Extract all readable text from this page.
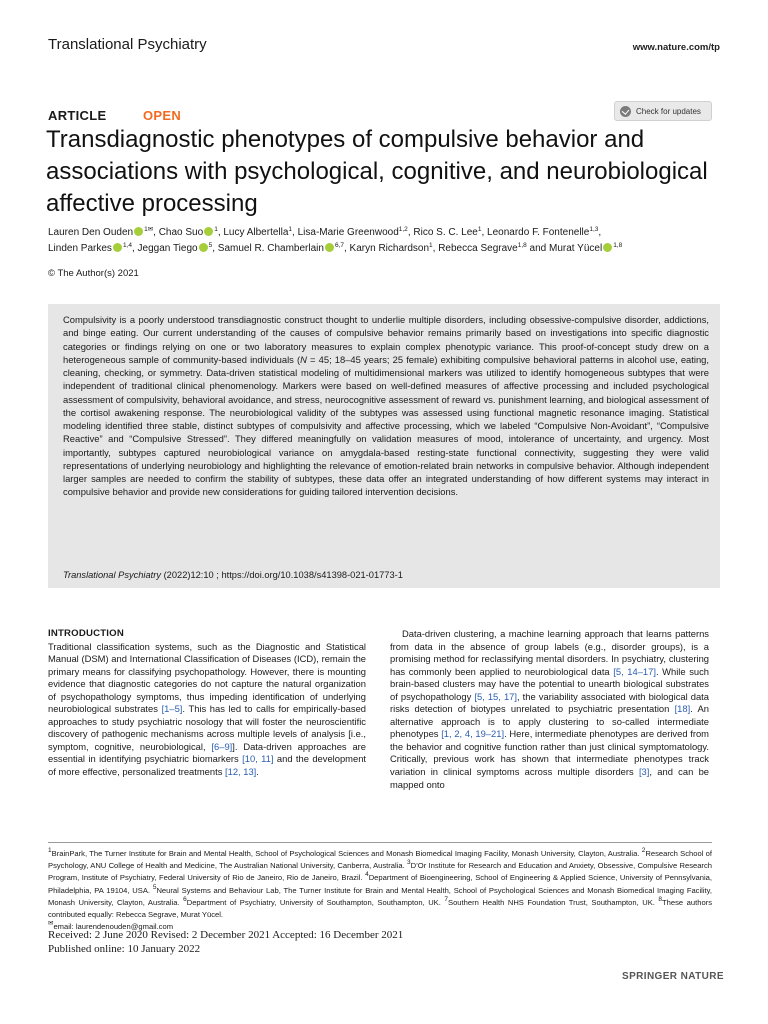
Translational Psychiatry	www.nature.com/tp
ARTICLE	OPEN	Check for updates
Transdiagnostic phenotypes of compulsive behavior and associations with psychological, cognitive, and neurobiological affective processing
Lauren Den Ouden $^{1✉}$, Chao Suo $^1$, Lucy Albertella$^1$, Lisa-Marie Greenwood$^{1,2}$, Rico S. C. Lee$^1$, Leonardo F. Fontenelle$^{1,3}$,
Linden Parkes $^{1,4}$, Jeggan Tiego $^5$, Samuel R. Chamberlain $^{6,7}$, Karyn Richardson$^1$, Rebecca Segrave$^{1,8}$ and Murat Yücel $^{1,8}$
© The Author(s) 2021
Compulsivity is a poorly understood transdiagnostic construct thought to underlie multiple disorders, including obsessive-compulsive disorder, addictions, and binge eating. Our current understanding of the causes of compulsive behavior remains primarily based on investigations into specific diagnostic categories or findings relying on one or two laboratory measures to explain complex phenotypic variance. This proof-of-concept study drew on a heterogeneous sample of community-based individuals (N = 45; 18–45 years; 25 female) exhibiting compulsive behavioral patterns in alcohol use, eating, cleaning, checking, or symmetry. Data-driven statistical modeling of multidimensional markers was utilized to identify homogeneous subtypes that were independent of traditional clinical phenomenology. Markers were based on well-defined measures of affective processing and included psychological assessment of compulsivity, behavioral avoidance, and stress, neurocognitive assessment of reward vs. punishment learning, and biological assessment of the cortisol awakening response. The neurobiological validity of the subtypes was assessed using functional magnetic resonance imaging. Statistical modeling identified three stable, distinct subtypes of compulsivity and affective processing, which we labeled “Compulsive Non-Avoidant”, “Compulsive Reactive” and “Compulsive Stressed”. They differed meaningfully on validation measures of mood, intolerance of uncertainty, and urgency. Most importantly, subtypes captured neurobiological variance on amygdala-based resting-state functional connectivity, suggesting they were valid representations of underlying neurobiology and highlighting the relevance of emotion-related brain networks in compulsive behavior. Although independent larger samples are needed to confirm the stability of subtypes, these data offer an integrated understanding of how different systems may interact in compulsive behavior and provide new considerations for guiding tailored intervention decisions.
Translational Psychiatry (2022)12:10 ; https://doi.org/10.1038/s41398-021-01773-1
INTRODUCTION
Traditional classification systems, such as the Diagnostic and Statistical Manual (DSM) and International Classification of Diseases (ICD), remain the primary means for classifying psychopathology. However, there is mounting evidence that diagnostic categories do not capture the natural organization of psychopathology symptoms, thus impeding identification of underlying neurobiological substrates [1–5]. This has led to calls for empirically-based approaches to study psychiatric nosology that will foster the neuroscientific discovery of pathogenic mechanisms across multiple levels of analysis [i.e., symptom, cognitive, neurobiological, [6–9]]. Data-driven approaches are essential in identifying psychiatric biomarkers [10, 11] and the development of more effective, personalized treatments [12, 13].
Data-driven clustering, a machine learning approach that learns patterns from data in the absence of group labels (e.g., disorder groups), is a promising method for reclassifying mental disorders. In psychiatry, clustering has commonly been applied to neurobiological data [5, 14–17]. While such brain-based clusters may have the potential to unearth biological substrates of psychopathology [5, 15, 17], the variability associated with biological data risks detection of biotypes unrelated to psychiatric presentation [18]. An alternative approach is to apply clustering to so-called intermediate phenotypes [1, 2, 4, 19–21]. Here, intermediate phenotypes are derived from the behavior and cognitive function rather than just clinical symptomatology. Critically, previous work has shown that intermediate phenotypes track variation in clinical symptoms across multiple disorders [3], and can be mapped onto
$^1$BrainPark, The Turner Institute for Brain and Mental Health, School of Psychological Sciences and Monash Biomedical Imaging Facility, Monash University, Clayton, Australia. $^2$Research School of Psychology, ANU College of Health and Medicine, The Australian National University, Canberra, Australia. $^3$D’Or Institute for Research and Education and Anxiety, Obsessive, Compulsive Research Program, Institute of Psychiatry, Federal University of Rio de Janeiro, Rio de Janeiro, Brazil. $^4$Department of Bioengineering, School of Engineering & Applied Science, University of Pennsylvania, Philadelphia, PA 19104, USA. $^5$Neural Systems and Behaviour Lab, The Turner Institute for Brain and Mental Health, School of Psychological Sciences and Monash Biomedical Imaging Facility, Monash University, Clayton, Australia. $^6$Department of Psychiatry, University of Southampton, Southampton, UK. $^7$Southern Health NHS Foundation Trust, Southampton, UK. $^8$These authors contributed equally: Rebecca Segrave, Murat Yücel.
✉email: laurendenouden@gmail.com
Received: 2 June 2020 Revised: 2 December 2021 Accepted: 16 December 2021
Published online: 10 January 2022
SPRINGER NATURE
